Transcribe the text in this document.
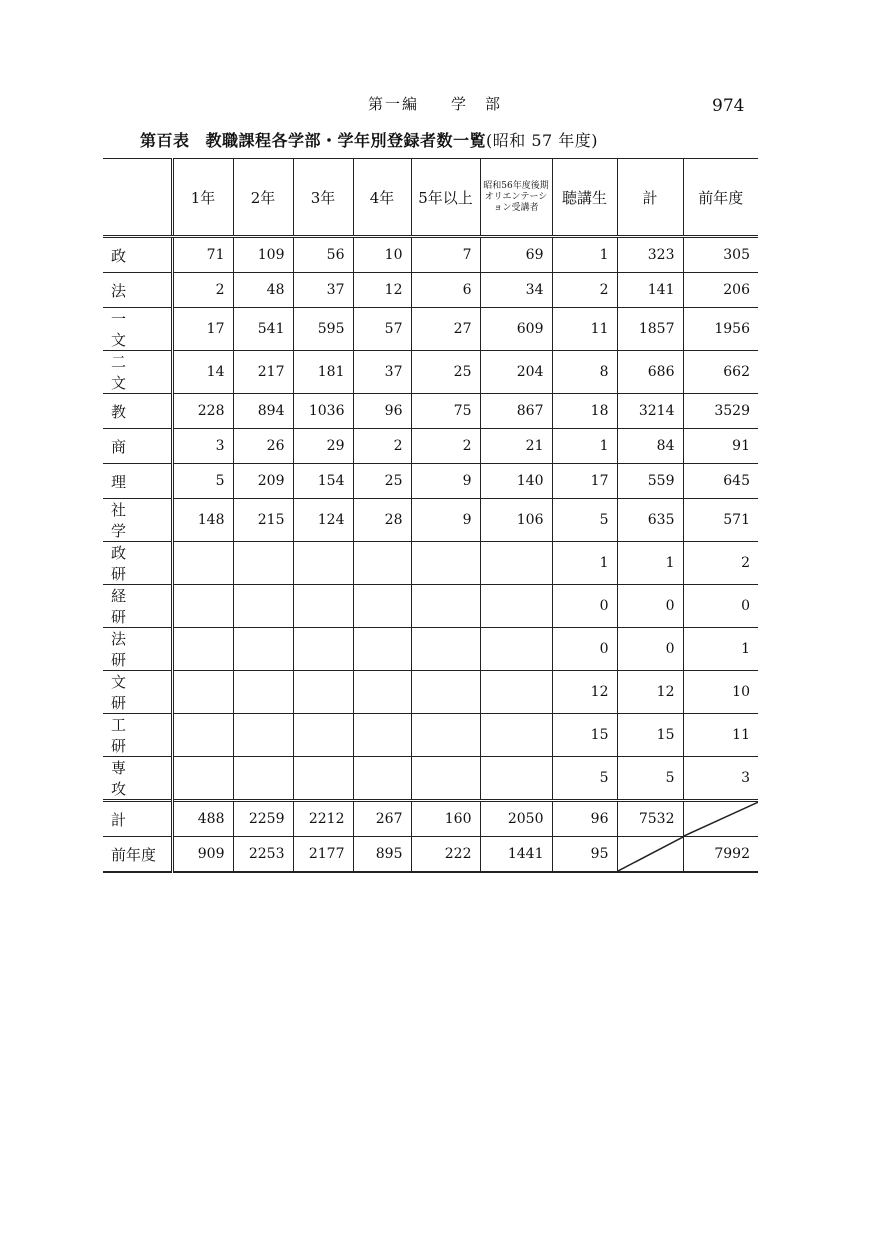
第一編 学　部	974
第百表 教職課程各学部・学年別登録者数一覧(昭和 57 年度)
	1年	2年	3年	4年	5年以上	昭和56年度後期オリエンテーション受講者	聴講生	計	前年度
政	71	109	56	10	7	69	1	323	305
法	2	48	37	12	6	34	2	141	206
一文	17	541	595	57	27	609	11	1857	1956
二文	14	217	181	37	25	204	8	686	662
教	228	894	1036	96	75	867	18	3214	3529
商	3	26	29	2	2	21	1	84	91
理	5	209	154	25	9	140	17	559	645
社学	148	215	124	28	9	106	5	635	571
政研							1	1	2
経研							0	0	0
法研							0	0	1
文研							12	12	10
工研							15	15	11
専攻							5	5	3
計	488	2259	2212	267	160	2050	96	7532	

前年度	909	2253	2177	895	222	1441	95		7992
